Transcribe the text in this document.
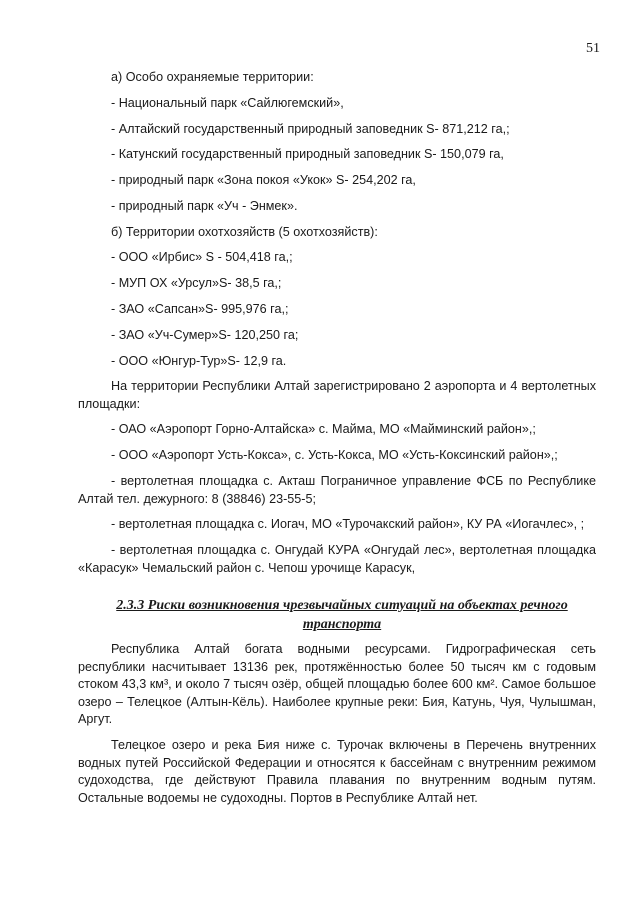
51

а) Особо охраняемые территории:

- Национальный парк «Сайлюгемский»,

- Алтайский государственный природный заповедник S- 871,212 га,;

- Катунский государственный природный заповедник S- 150,079 га,

- природный парк «Зона покоя «Укок» S- 254,202 га,

- природный парк «Уч - Энмек».

б) Территории охотхозяйств (5 охотхозяйств):

- ООО «Ирбис» S - 504,418 га,;

- МУП ОХ «Урсул»S- 38,5 га,;

- ЗАО «Сапсан»S- 995,976 га,;

- ЗАО «Уч-Сумер»S- 120,250 га;

- ООО «Юнгур-Тур»S- 12,9 га.

На территории Республики Алтай зарегистрировано 2 аэропорта и 4 вертолетных площадки:

- ОАО «Аэропорт Горно-Алтайска» с. Майма, МО «Майминский район»,;

- ООО «Аэропорт Усть-Кокса», с. Усть-Кокса, МО «Усть-Коксинский район»,;

- вертолетная площадка с. Акташ Пограничное управление ФСБ по Республике Алтай тел. дежурного: 8 (38846) 23-55-5;

- вертолетная площадка с. Иогач, МО «Турочакский район», КУ РА «Иогачлес», ;

- вертолетная площадка с. Онгудай КУРА «Онгудай лес», вертолетная площадка «Карасук» Чемальский район с. Чепош урочище Карасук,

2.3.3 Риски возникновения чрезвычайных ситуаций на объектах речного транспорта

Республика Алтай богата водными ресурсами. Гидрографическая сеть республики насчитывает 13136 рек, протяжённостью более 50 тысяч км с годовым стоком 43,3 км³, и около 7 тысяч озёр, общей площадью более 600 км². Самое большое озеро – Телецкое (Алтын-Кёль). Наиболее крупные реки: Бия, Катунь, Чуя, Чулышман, Аргут.

Телецкое озеро и река Бия ниже с. Турочак включены в Перечень внутренних водных путей Российской Федерации и относятся к бассейнам с внутренним режимом судоходства, где действуют Правила плавания по внутренним водным путям. Остальные водоемы не судоходны. Портов в Республике Алтай нет.
